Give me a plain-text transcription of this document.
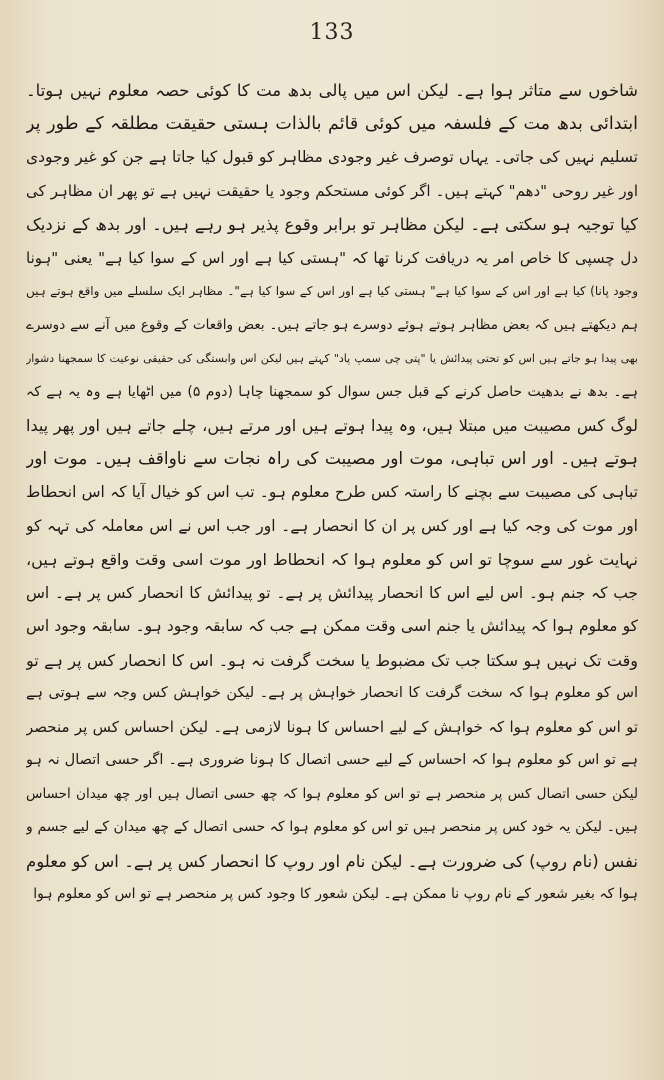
133
شاخوں سے متاثر ہوا ہے۔ لیکن اس میں پالی بدھ مت کا کوئی حصہ معلوم نہیں ہوتا۔
ابتدائی بدھ مت کے فلسفہ میں کوئی قائم بالذات ہستی حقیقت مطلقہ کے طور پر
تسلیم نہیں کی جاتی۔ یہاں توصرف غیر وجودی مظاہر کو قبول کیا جاتا ہے جن کو غیر وجودی
اور غیر روحی "دھم" کہتے ہیں۔ اگر کوئی مستحکم وجود یا حقیقت نہیں ہے تو پھر ان مظاہر کی
کیا توجیہ ہو سکتی ہے۔ لیکن مظاہر تو برابر وقوع پذیر ہو رہے ہیں۔ اور بدھ کے نزدیک
دل چسپی کا خاص امر یہ دریافت کرنا تھا کہ "ہستی کیا ہے اور اس کے سوا کیا ہے" یعنی "ہونا
وجود پانا) کیا ہے اور اس کے سوا کیا ہے" ہستی کیا ہے اور اس کے سوا کیا ہے"۔ مظاہر ایک سلسلے میں واقع ہوتے ہیں
ہم دیکھتے ہیں کہ بعض مظاہر ہوتے ہوئے دوسرے ہو جاتے ہیں۔ بعض واقعات کے وقوع میں آنے سے دوسرے
بھی پیدا ہو جاتے ہیں اس کو تحتی پیدائش یا "پتی چی سمپ پاد" کہتے ہیں لیکن اس وابستگی کی حقیقی نوعیت کا سمجھنا دشوار
ہے۔ بدھ نے بدھیت حاصل کرنے کے قبل جس سوال کو سمجھنا چاہا (دوم ۵) میں اٹھایا ہے وہ یہ ہے کہ
لوگ کس مصیبت میں مبتلا ہیں، وہ پیدا ہوتے ہیں اور مرتے ہیں، چلے جاتے ہیں اور پھر پیدا
ہوتے ہیں۔ اور اس تباہی، موت اور مصیبت کی راہ نجات سے ناواقف ہیں۔ موت اور
تباہی کی مصیبت سے بچنے کا راستہ کس طرح معلوم ہو۔ تب اس کو خیال آیا کہ اس انحطاط
اور موت کی وجہ کیا ہے اور کس پر ان کا انحصار ہے۔ اور جب اس نے اس معاملہ کی تہہ کو
نہایت غور سے سوچا تو اس کو معلوم ہوا کہ انحطاط اور موت اسی وقت واقع ہوتے ہیں،
جب کہ جنم ہو۔ اس لیے اس کا انحصار پیدائش پر ہے۔ تو پیدائش کا انحصار کس پر ہے۔ اس
کو معلوم ہوا کہ پیدائش یا جنم اسی وقت ممکن ہے جب کہ سابقہ وجود ہو۔ سابقہ وجود اس
وقت تک نہیں ہو سکتا جب تک مضبوط یا سخت گرفت نہ ہو۔ اس کا انحصار کس پر ہے تو
اس کو معلوم ہوا کہ سخت گرفت کا انحصار خواہش پر ہے۔ لیکن خواہش کس وجہ سے ہوتی ہے
تو اس کو معلوم ہوا کہ خواہش کے لیے احساس کا ہونا لازمی ہے۔ لیکن احساس کس پر منحصر
ہے تو اس کو معلوم ہوا کہ احساس کے لیے حسی اتصال کا ہونا ضروری ہے۔ اگر حسی اتصال نہ ہو
لیکن حسی اتصال کس پر منحصر ہے تو اس کو معلوم ہوا کہ چھ حسی اتصال ہیں اور چھ میدان احساس
ہیں۔ لیکن یہ خود کس پر منحصر ہیں تو اس کو معلوم ہوا کہ حسی اتصال کے چھ میدان کے لیے جسم و
نفس (نام روپ) کی ضرورت ہے۔ لیکن نام اور روپ کا انحصار کس پر ہے۔ اس کو معلوم
ہوا کہ بغیر شعور کے نام روپ نا ممکن ہے۔ لیکن شعور کا وجود کس پر منحصر ہے تو اس کو معلوم ہوا
